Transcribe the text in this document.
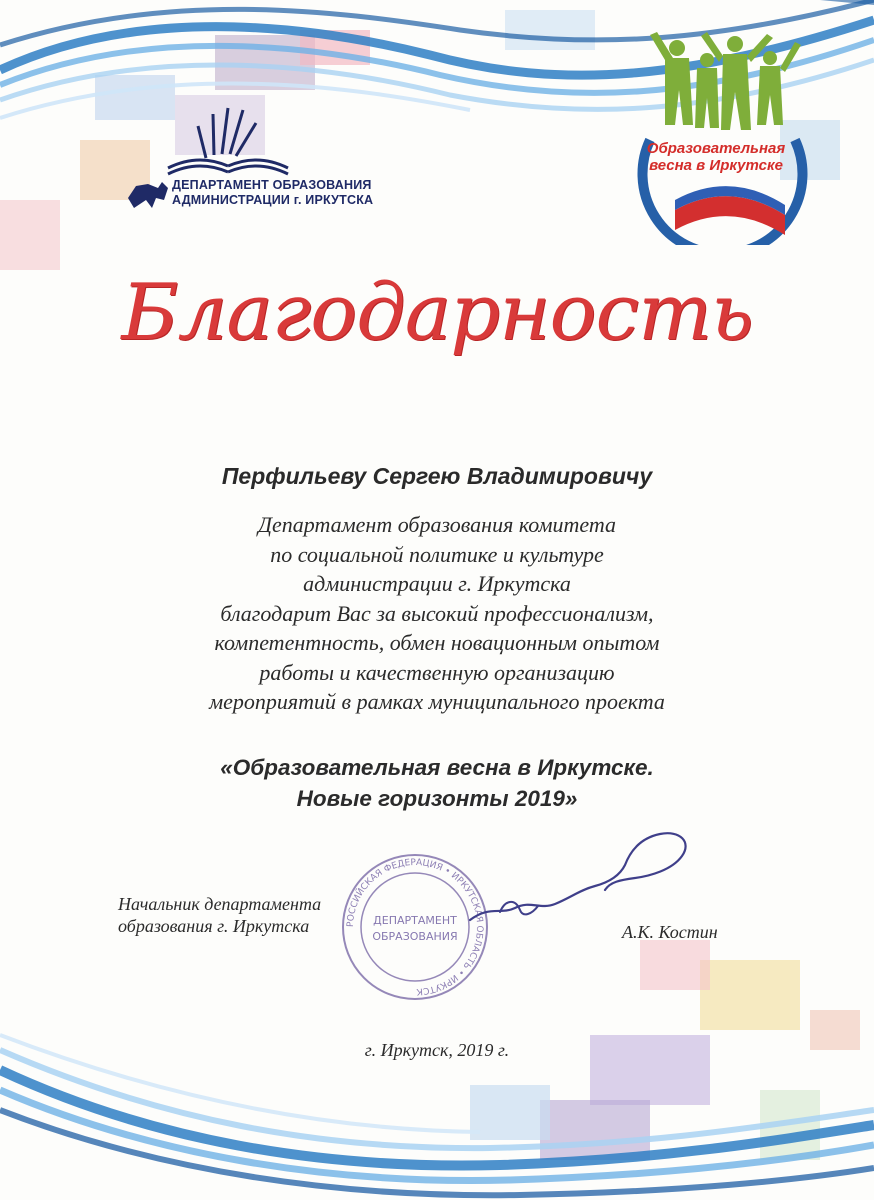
ДЕПАРТАМЕНТ ОБРАЗОВАНИЯ
АДМИНИСТРАЦИИ г. ИРКУТСКА
Образовательная
весна в Иркутске
Благодарность
Перфильеву Сергею Владимировичу
Департамент образования комитета
по социальной политике и культуре
администрации г. Иркутска
благодарит Вас за высокий профессионализм,
компетентность, обмен новационным опытом
работы и качественную организацию
мероприятий в рамках муниципального проекта
«Образовательная весна в Иркутске.
Новые горизонты 2019»
Начальник департамента
образования г. Иркутска	РОССИЙСКАЯ ФЕДЕРАЦИЯ • ИРКУТСКАЯ ОБЛАСТЬ • ИРКУТСК
ДЕПАРТАМЕНТ
ОБРАЗОВАНИЯ	А.К. Костин
г. Иркутск, 2019 г.
